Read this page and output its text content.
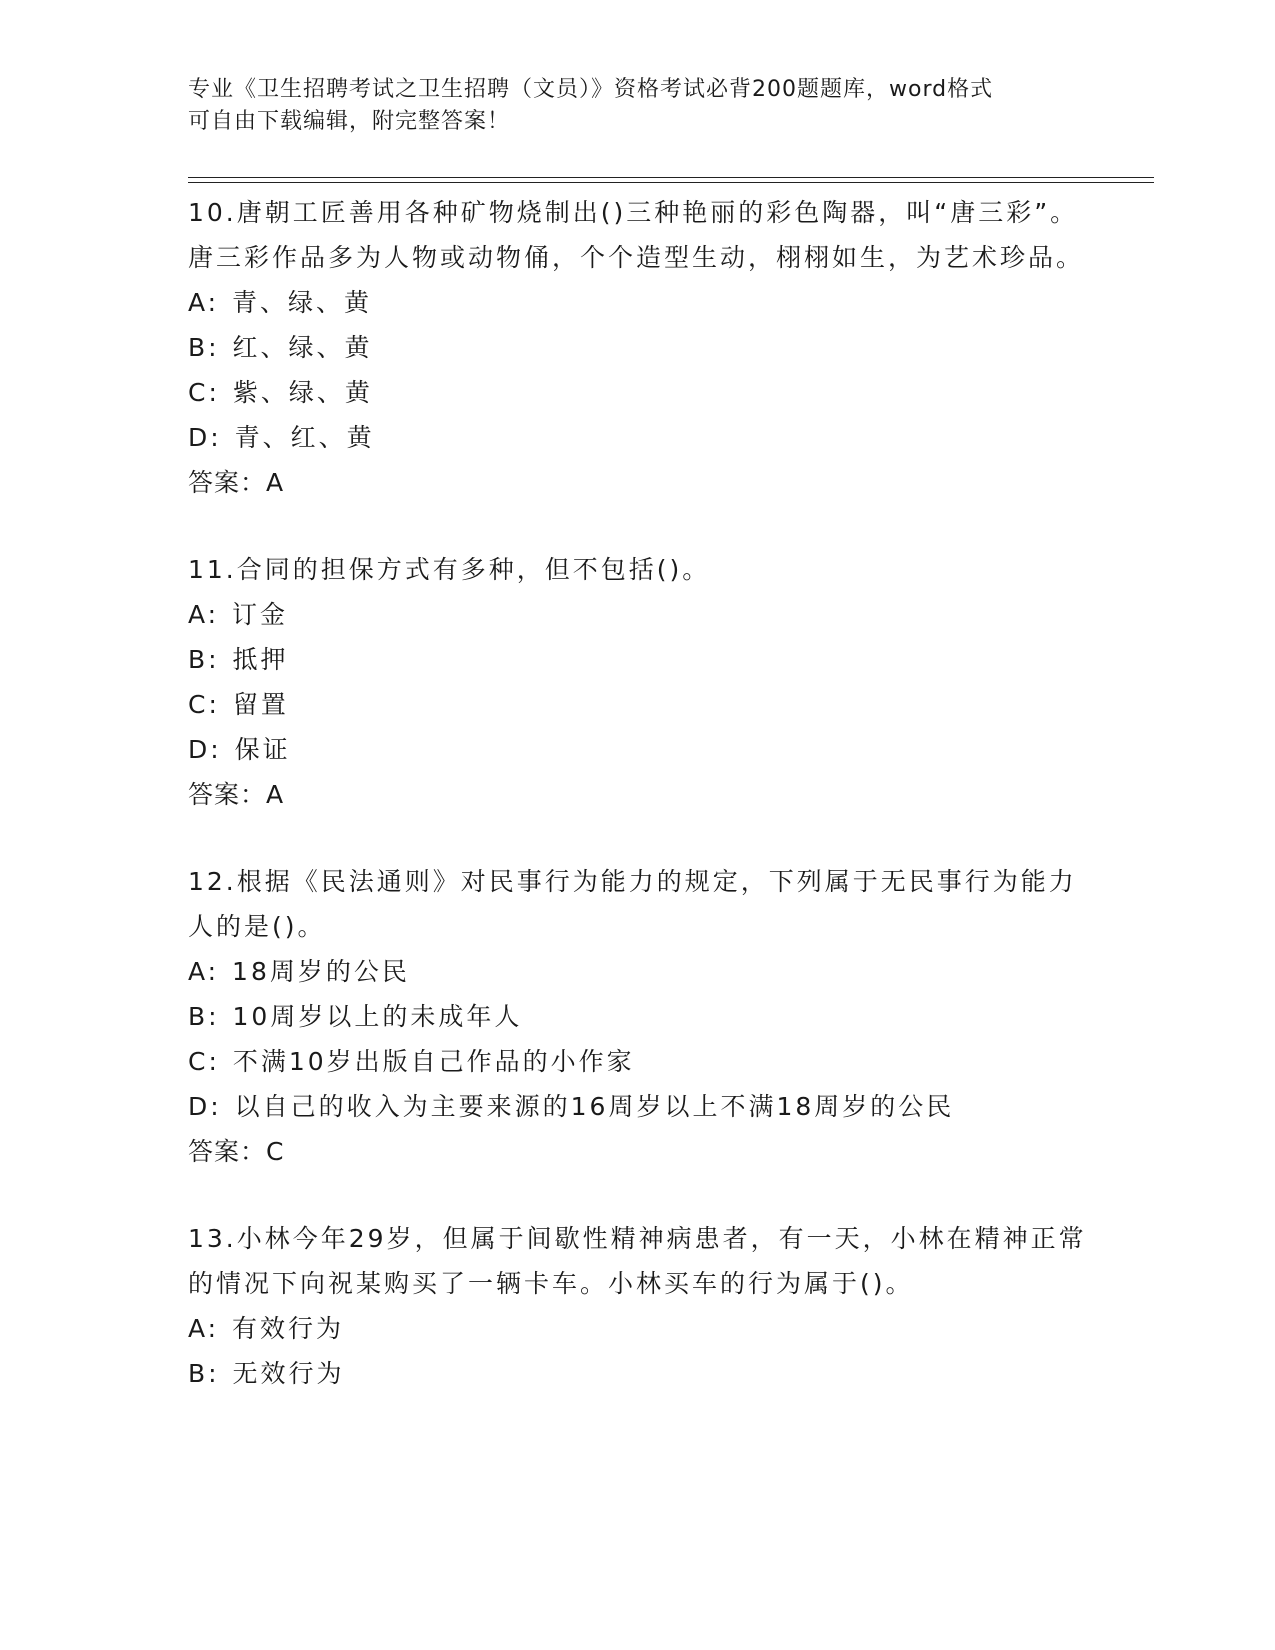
专业《卫生招聘考试之卫生招聘（文员）》资格考试必背200题题库，word格式
可自由下载编辑，附完整答案！
10.唐朝工匠善用各种矿物烧制出()三种艳丽的彩色陶器，叫“唐三彩”。唐三彩作品多为人物或动物俑，个个造型生动，栩栩如生，为艺术珍品。
A: 青、绿、黄
B: 红、绿、黄
C: 紫、绿、黄
D: 青、红、黄
答案：A
11.合同的担保方式有多种，但不包括()。
A: 订金
B: 抵押
C: 留置
D: 保证
答案：A
12.根据《民法通则》对民事行为能力的规定，下列属于无民事行为能力人的是()。
A: 18周岁的公民
B: 10周岁以上的未成年人
C: 不满10岁出版自己作品的小作家
D: 以自己的收入为主要来源的16周岁以上不满18周岁的公民
答案：C
13.小林今年29岁，但属于间歇性精神病患者，有一天，小林在精神正常的情况下向祝某购买了一辆卡车。小林买车的行为属于()。
A: 有效行为
B: 无效行为
